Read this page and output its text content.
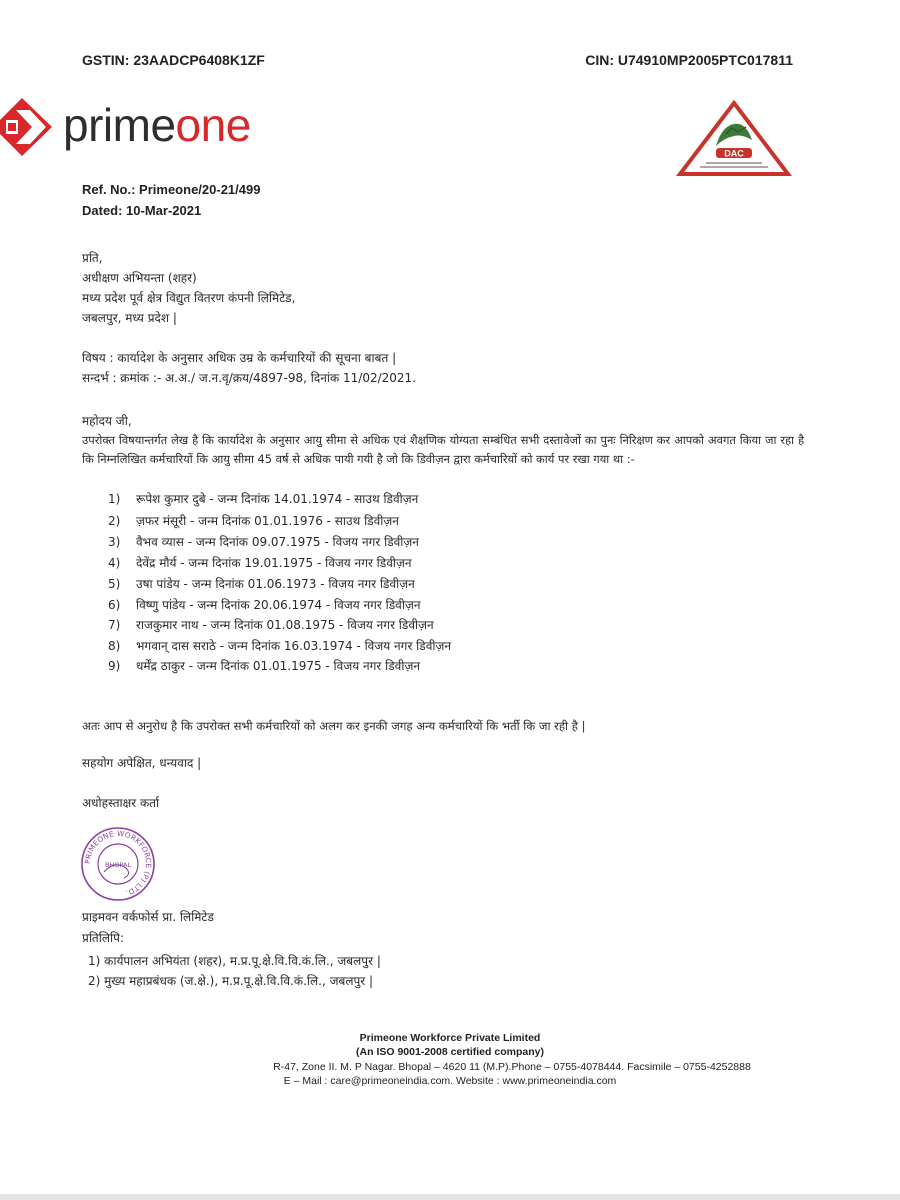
GSTIN: 23AADCP6408K1ZF	CIN: U74910MP2005PTC017811
primeone
DAC
Ref. No.: Primeone/20-21/499
Dated: 10-Mar-2021
प्रति,
अधीक्षण अभियन्ता (शहर)
मध्य प्रदेश पूर्व क्षेत्र विद्युत वितरण कंपनी लिमिटेड,
जबलपुर, मध्य प्रदेश |
विषय : कार्यादेश के अनुसार अधिक उम्र के कर्मचारियों की सूचना बाबत |
सन्दर्भ : क्रमांक :- अ.अ./ ज.न.वृ/क्रय/4897-98, दिनांक 11/02/2021.
महोदय जी,
उपरोक्त विषयान्तर्गत लेख है कि कार्यादेश के अनुसार आयु सीमा से अधिक एवं शैक्षणिक योग्यता सम्बंधित सभी दस्तावेजों का पुनः निरिक्षण कर आपको अवगत किया जा रहा है कि निम्नलिखित कर्मचारियों कि आयु सीमा 45 वर्ष से अधिक पायी गयी है जो कि डिवीज़न द्वारा कर्मचारियों को कार्य पर रखा गया था :-
1) रूपेश कुमार दुबे - जन्म दिनांक 14.01.1974 - साउथ डिवीज़न
2) ज़फर मंसूरी - जन्म दिनांक 01.01.1976 - साउथ डिवीज़न
3) वैभव व्यास - जन्म दिनांक 09.07.1975 - विजय नगर डिवीज़न
4) देवेंद्र मौर्य - जन्म दिनांक 19.01.1975 - विजय नगर डिवीज़न
5) उषा पांडेय - जन्म दिनांक 01.06.1973 - विजय नगर डिवीज़न
6) विष्णु पांडेय - जन्म दिनांक 20.06.1974 - विजय नगर डिवीज़न
7) राजकुमार नाथ - जन्म दिनांक 01.08.1975 - विजय नगर डिवीज़न
8) भगवान् दास सराठे - जन्म दिनांक 16.03.1974 - विजय नगर डिवीज़न
9) धर्मेंद्र ठाकुर - जन्म दिनांक 01.01.1975 - विजय नगर डिवीज़न
अतः आप से अनुरोध है कि उपरोक्त सभी कर्मचारियों को अलग कर इनकी जगह अन्य कर्मचारियों कि भर्ती कि जा रही है |
सहयोग अपेक्षित, धन्यवाद |
अधोहस्ताक्षर कर्ता
PRIMEONE WORKFORCE (P) LTD.
BHOPAL
प्राइमवन वर्कफोर्स प्रा. लिमिटेड
प्रतिलिपि:
1) कार्यपालन अभियंता (शहर), म.प्र.पू.क्षे.वि.वि.कं.लि., जबलपुर |
2) मुख्य महाप्रबंधक (ज.क्षे.), म.प्र.पू.क्षे.वि.वि.कं.लि., जबलपुर |
Primeone Workforce Private Limited
(An ISO 9001-2008 certified company)
R-47, Zone II. M. P Nagar. Bhopal – 4620 11 (M.P).Phone – 0755-4078444. Facsimile – 0755-4252888
E – Mail : care@primeoneindia.com. Website : www.primeoneindia.com
